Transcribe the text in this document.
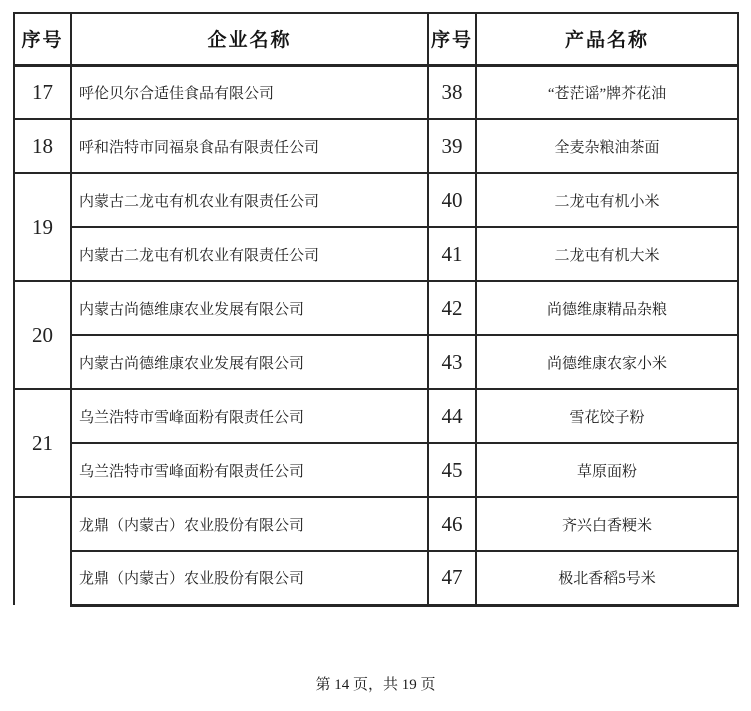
序号	企业名称	序号	产品名称
17	呼伦贝尔合适佳食品有限公司	38	“苍茫谣”牌芥花油
18	呼和浩特市同福泉食品有限责任公司	39	全麦杂粮油茶面
19	内蒙古二龙屯有机农业有限责任公司	40	二龙屯有机小米
	内蒙古二龙屯有机农业有限责任公司	41	二龙屯有机大米
20	内蒙古尚德维康农业发展有限公司	42	尚德维康精品杂粮
	内蒙古尚德维康农业发展有限公司	43	尚德维康农家小米
21	乌兰浩特市雪峰面粉有限责任公司	44	雪花饺子粉
	乌兰浩特市雪峰面粉有限责任公司	45	草原面粉
	龙鼎（内蒙古）农业股份有限公司	46	齐兴白香粳米
	龙鼎（内蒙古）农业股份有限公司	47	极北香稻5号米
第 14 页，共 19 页
